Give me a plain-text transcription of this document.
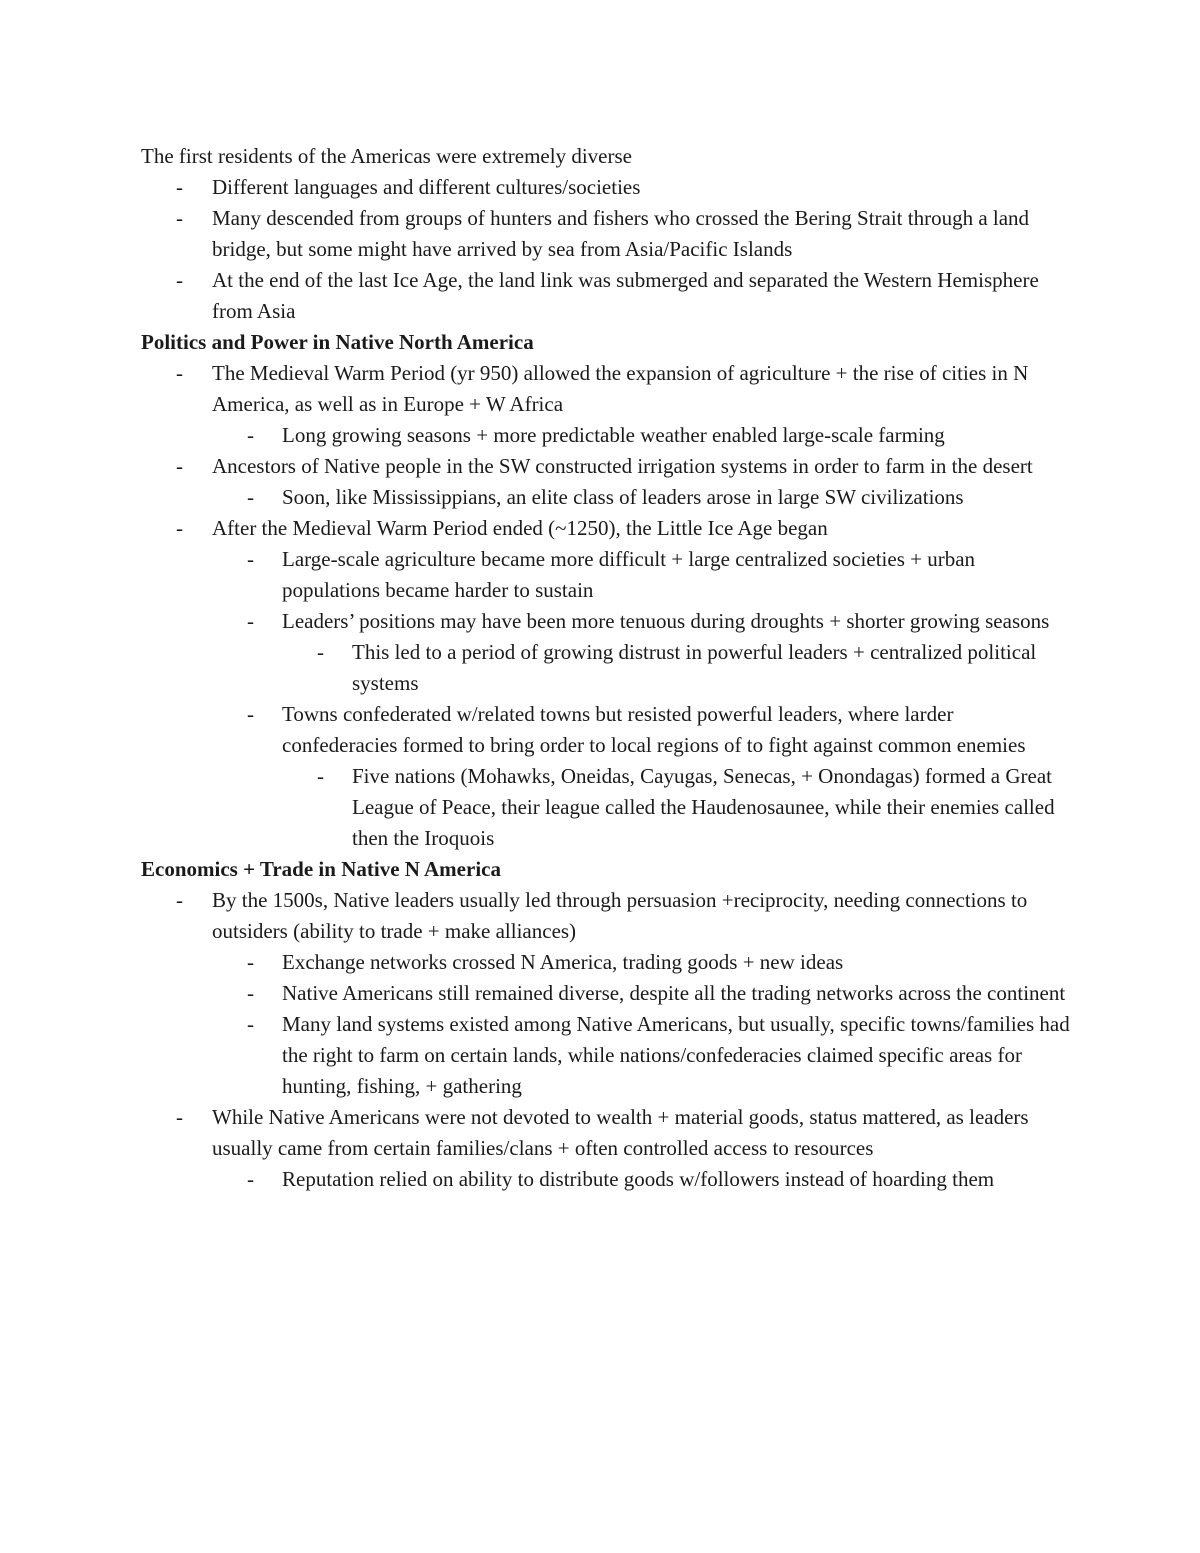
The first residents of the Americas were extremely diverse
- Different languages and different cultures/societies
- Many descended from groups of hunters and fishers who crossed the Bering Strait through a land bridge, but some might have arrived by sea from Asia/Pacific Islands
- At the end of the last Ice Age, the land link was submerged and separated the Western Hemisphere from Asia
Politics and Power in Native North America
- The Medieval Warm Period (yr 950) allowed the expansion of agriculture + the rise of cities in N America, as well as in Europe + W Africa
- Long growing seasons + more predictable weather enabled large-scale farming
- Ancestors of Native people in the SW constructed irrigation systems in order to farm in the desert
- Soon, like Mississippians, an elite class of leaders arose in large SW civilizations
- After the Medieval Warm Period ended (~1250), the Little Ice Age began
- Large-scale agriculture became more difficult + large centralized societies + urban populations became harder to sustain
- Leaders’ positions may have been more tenuous during droughts + shorter growing seasons
- This led to a period of growing distrust in powerful leaders + centralized political systems
- Towns confederated w/related towns but resisted powerful leaders, where larder confederacies formed to bring order to local regions of to fight against common enemies
- Five nations (Mohawks, Oneidas, Cayugas, Senecas, + Onondagas) formed a Great League of Peace, their league called the Haudenosaunee, while their enemies called then the Iroquois
Economics + Trade in Native N America
- By the 1500s, Native leaders usually led through persuasion +reciprocity, needing connections to outsiders (ability to trade + make alliances)
- Exchange networks crossed N America, trading goods + new ideas
- Native Americans still remained diverse, despite all the trading networks across the continent
- Many land systems existed among Native Americans, but usually, specific towns/families had the right to farm on certain lands, while nations/confederacies claimed specific areas for hunting, fishing, + gathering
- While Native Americans were not devoted to wealth + material goods, status mattered, as leaders usually came from certain families/clans + often controlled access to resources
- Reputation relied on ability to distribute goods w/followers instead of hoarding them
